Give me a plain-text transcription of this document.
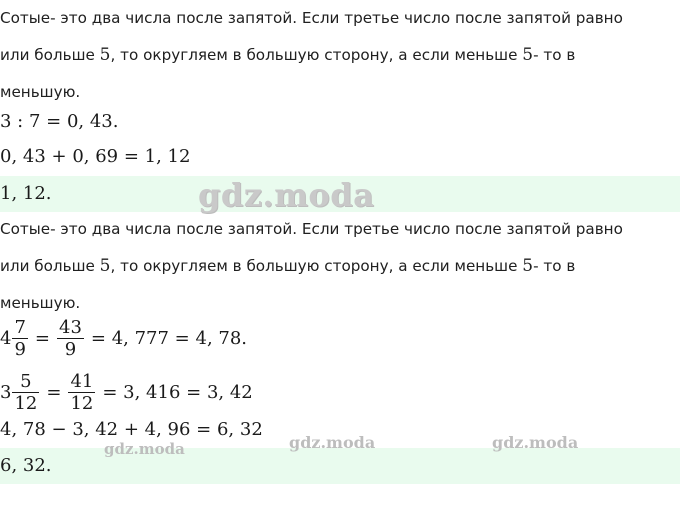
Сотые- это два числа после запятой. Если третье число после запятой равно
или больше 5, то округляем в большую сторону, а если меньше 5- то в
меньшую.
3 : 7 = 0, 43.
0, 43 + 0, 69 = 1, 12
1, 12.	gdz.moda
Сотые- это два числа после запятой. Если третье число после запятой равно
или больше 5, то округляем в большую сторону, а если меньше 5- то в
меньшую.
$4 \frac{7}{9} = \frac{43}{9} = 4$, 777 = 4, 78.
$3 \frac{5}{12} = \frac{41}{12} = 3$, 416 = 3, 42
4, 78 − 3, 42 + 4, 96 = 6, 32
6, 32.
gdz.moda	gdz.moda	gdz.moda
